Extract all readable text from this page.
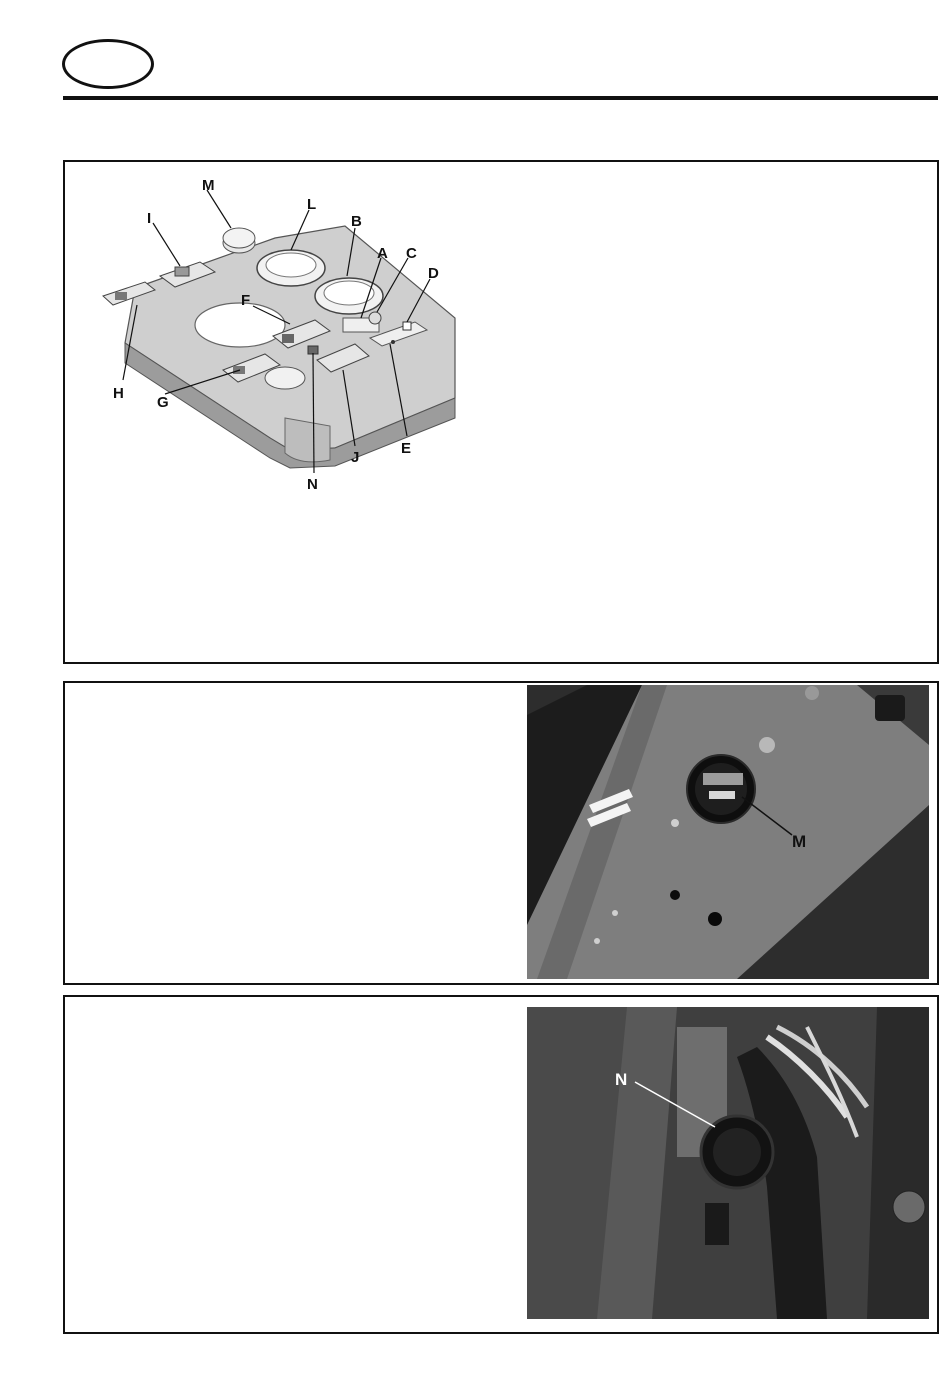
M
L
B
I
A C
D
F
H
G
E
J
N
M
N
